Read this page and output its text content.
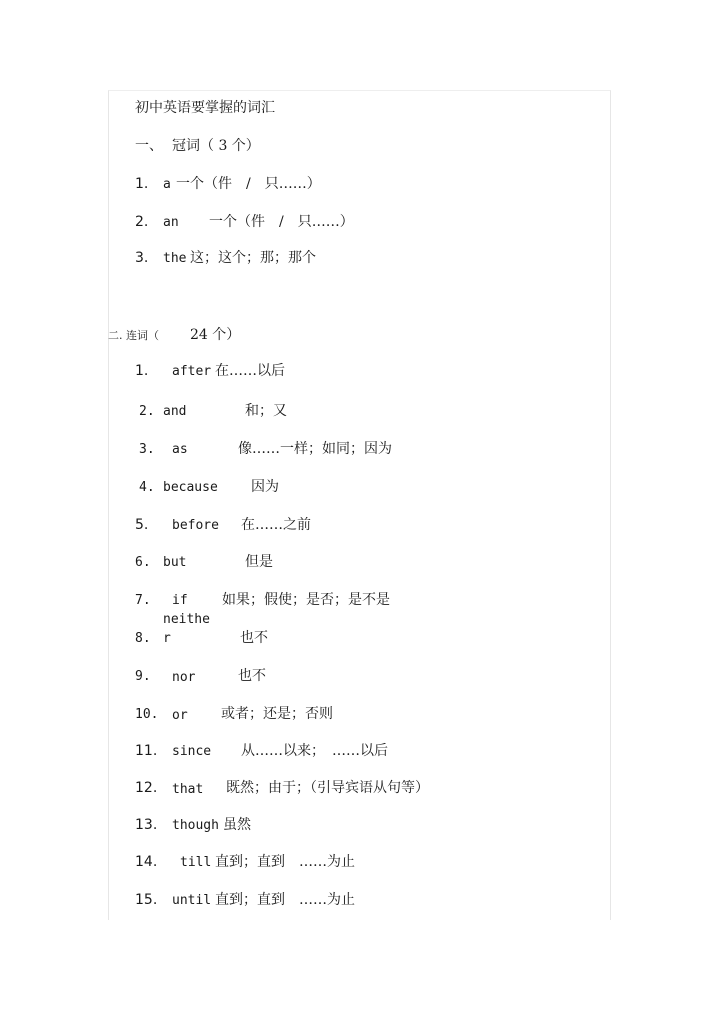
初中英语要掌握的词汇
一、 冠词（ 3 个）
1. a 一个（件　/　只……）
2. an 一个（件　/　只……）
3. the 这；这个；那；那个
二. 连词（ 24 个）
1. after 在……以后
2. and	和；又
3. as	像……一样；如同；因为
4. because 因为
5. before 在……之前
6. but	但是
7. if 如果；假使；是否；是不是
neithe
8. r	也不
9. nor	也不
10. or 或者；还是；否则
11. since 从……以来；　……以后
12. that 既然；由于；（引导宾语从句等）
13. though 虽然
14. till 直到；直到　……为止
15. until 直到；直到　……为止
